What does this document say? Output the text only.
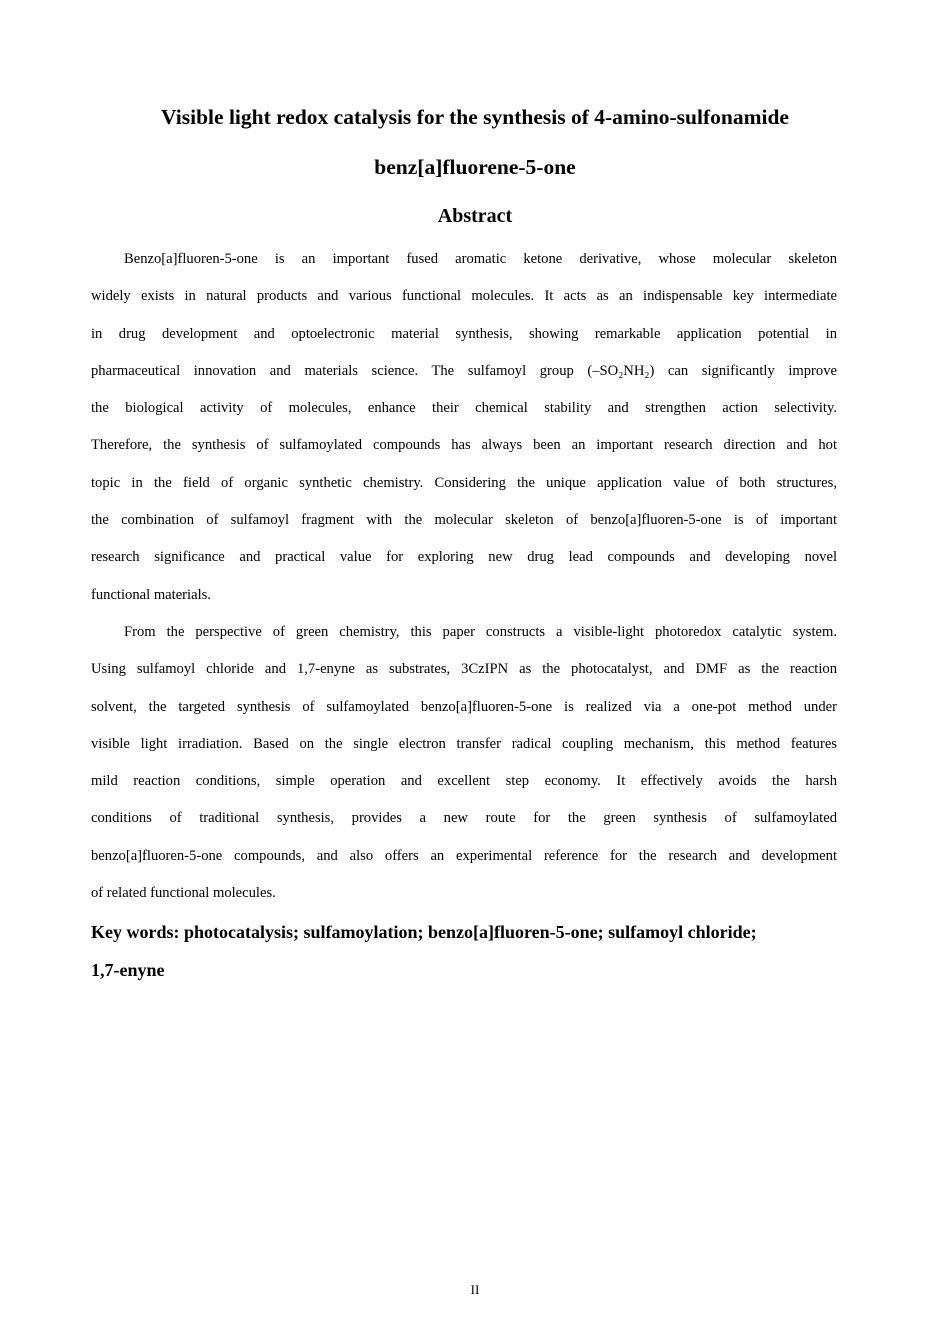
Visible light redox catalysis for the synthesis of 4-amino-sulfonamide
benz[a]fluorene-5-one
Abstract
Benzo[a]fluoren-5-one is an important fused aromatic ketone derivative, whose molecular skeleton
widely exists in natural products and various functional molecules. It acts as an indispensable key intermediate
in drug development and optoelectronic material synthesis, showing remarkable application potential in
pharmaceutical innovation and materials science. The sulfamoyl group (–SO₂NH₂) can significantly improve
the biological activity of molecules, enhance their chemical stability and strengthen action selectivity.
Therefore, the synthesis of sulfamoylated compounds has always been an important research direction and hot
topic in the field of organic synthetic chemistry. Considering the unique application value of both structures,
the combination of sulfamoyl fragment with the molecular skeleton of benzo[a]fluoren-5-one is of important
research significance and practical value for exploring new drug lead compounds and developing novel
functional materials.
From the perspective of green chemistry, this paper constructs a visible-light photoredox catalytic system.
Using sulfamoyl chloride and 1,7-enyne as substrates, 3CzIPN as the photocatalyst, and DMF as the reaction
solvent, the targeted synthesis of sulfamoylated benzo[a]fluoren-5-one is realized via a one-pot method under
visible light irradiation. Based on the single electron transfer radical coupling mechanism, this method features
mild reaction conditions, simple operation and excellent step economy. It effectively avoids the harsh
conditions of traditional synthesis, provides a new route for the green synthesis of sulfamoylated
benzo[a]fluoren-5-one compounds, and also offers an experimental reference for the research and development
of related functional molecules.
Key words: photocatalysis; sulfamoylation; benzo[a]fluoren-5-one; sulfamoyl chloride;
1,7-enyne
II
